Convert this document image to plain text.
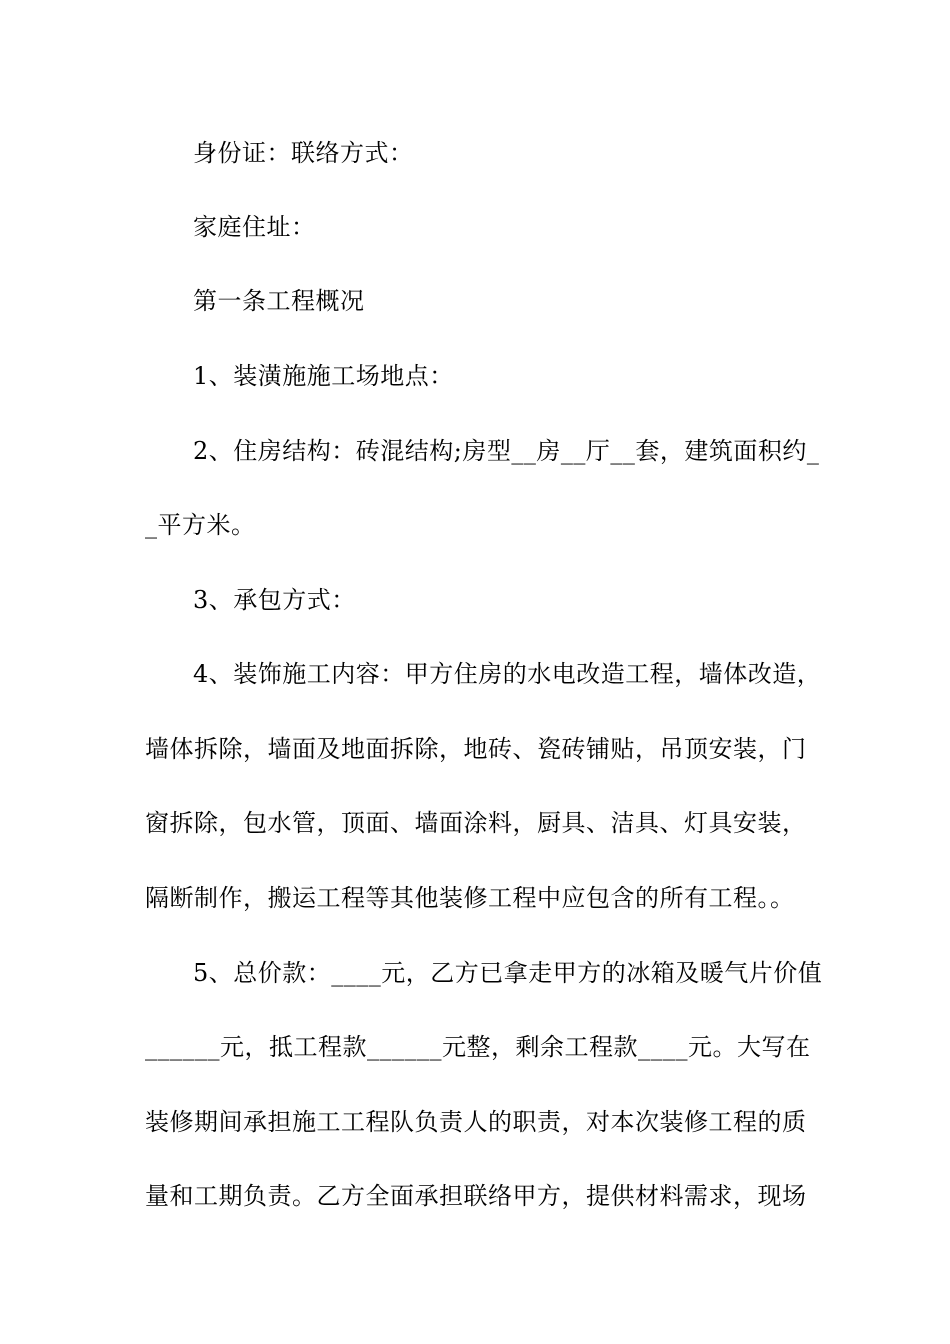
身份证：联络方式：
家庭住址：
第一条工程概况
1、装潢施施工场地点：
2、住房结构：砖混结构;房型__房__厅__套，建筑面积约_
_平方米。
3、承包方式：
4、装饰施工内容：甲方住房的水电改造工程，墙体改造，
墙体拆除，墙面及地面拆除，地砖、瓷砖铺贴，吊顶安装，门
窗拆除，包水管，顶面、墙面涂料，厨具、洁具、灯具安装，
隔断制作，搬运工程等其他装修工程中应包含的所有工程。。
5、总价款：____元，乙方已拿走甲方的冰箱及暖气片价值
______元，抵工程款______元整，剩余工程款____元。大写在
装修期间承担施工工程队负责人的职责，对本次装修工程的质
量和工期负责。乙方全面承担联络甲方，提供材料需求，现场
